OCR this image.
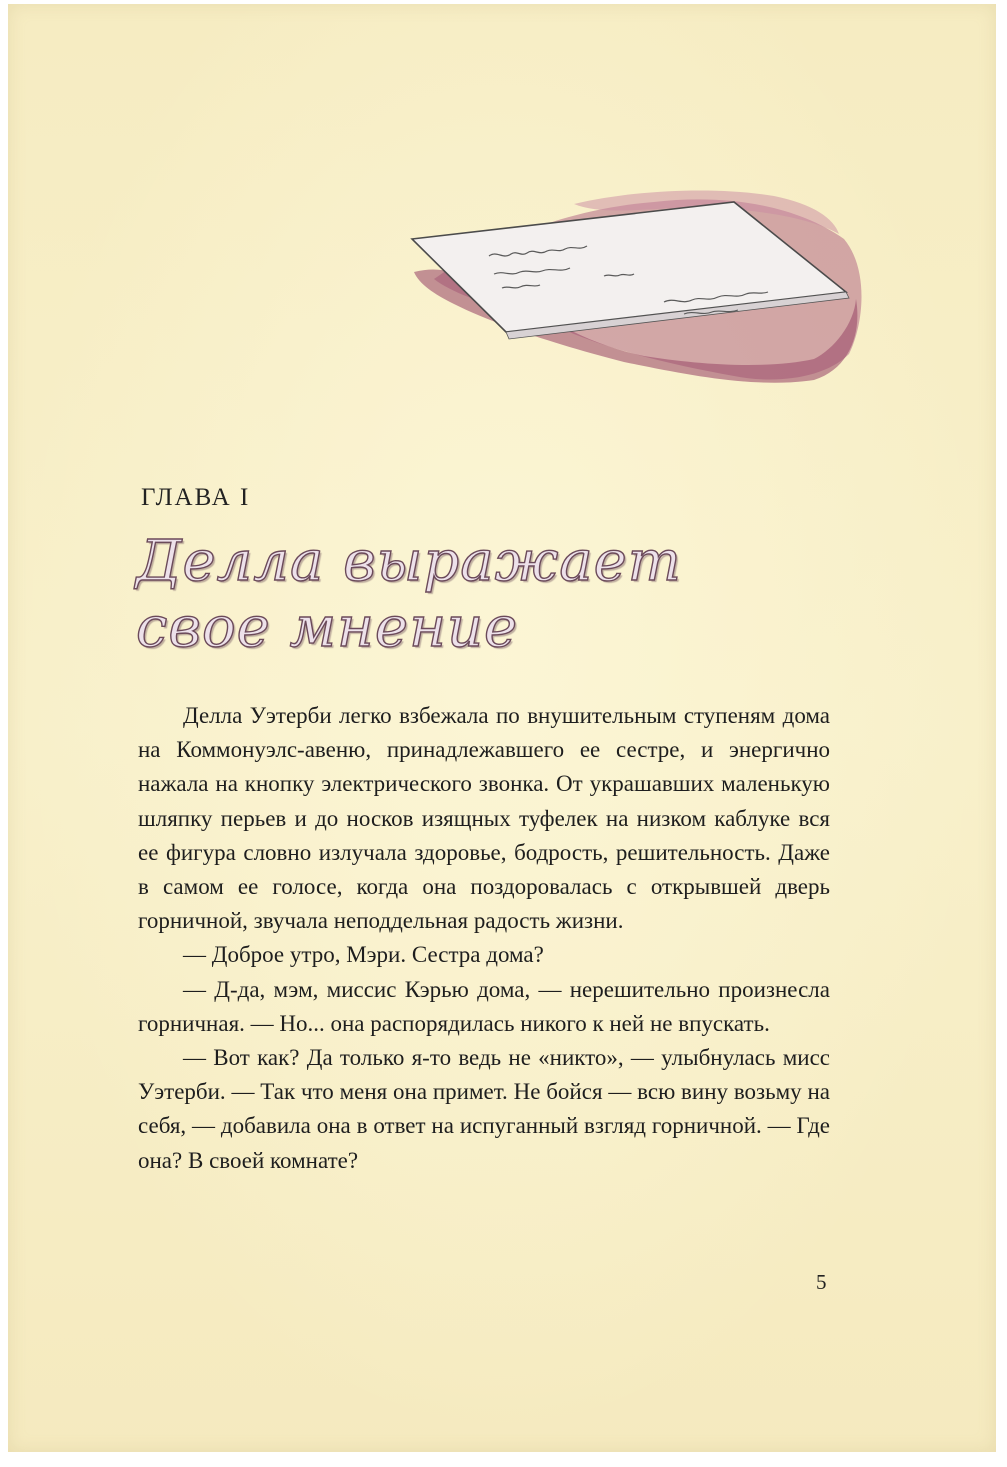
ГЛАВА I
Делла выражает
свое мнение

Делла Уэтерби легко взбежала по внушительным ступеням дома на Коммонуэлс-авеню, принадлежавшего ее сестре, и энергично нажала на кнопку электрического звонка. От украшавших маленькую шляпку перьев и до носков изящных туфелек на низком каблуке вся ее фигура словно излучала здоровье, бодрость, решительность. Даже в самом ее голосе, когда она поздоровалась с открывшей дверь горничной, звучала неподдельная радость жизни.

— Доброе утро, Мэри. Сестра дома?

— Д-да, мэм, миссис Кэрью дома, — нерешительно произнесла горничная. — Но... она распорядилась никого к ней не впускать.

— Вот как? Да только я-то ведь не «никто», — улыбнулась мисс Уэтерби. — Так что меня она примет. Не бойся — всю вину возьму на себя, — добавила она в ответ на испуганный взгляд горничной. — Где она? В своей комнате?

5
